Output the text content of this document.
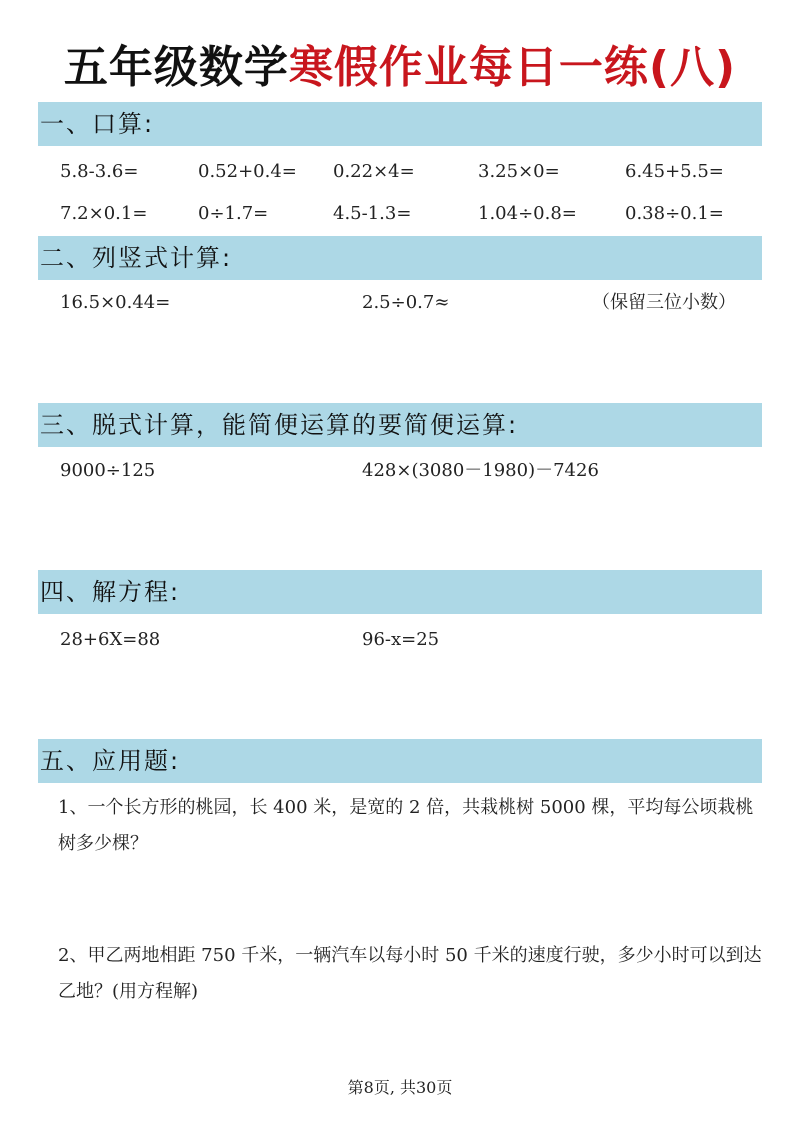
五年级数学寒假作业每日一练(八)
一、口算:
5.8-3.6=	0.52+0.4= 0.22×4=	3.25×0=	6.45+5.5=
7.2×0.1=	0÷1.7=	4.5-1.3=	1.04÷0.8=	0.38÷0.1=
二、列竖式计算:
16.5×0.44=	2.5÷0.7≈	（保留三位小数）
三、脱式计算，能简便运算的要简便运算:
9000÷125	428×(3080－1980)－7426
四、解方程:
28+6X=88	96-x=25
五、应用题:
1、一个长方形的桃园，长 400 米，是宽的 2 倍，共栽桃树 5000 棵，平均每公顷栽桃树多少棵？
2、甲乙两地相距 750 千米，一辆汽车以每小时 50 千米的速度行驶，多少小时可以到达乙地？(用方程解)
第8页, 共30页
